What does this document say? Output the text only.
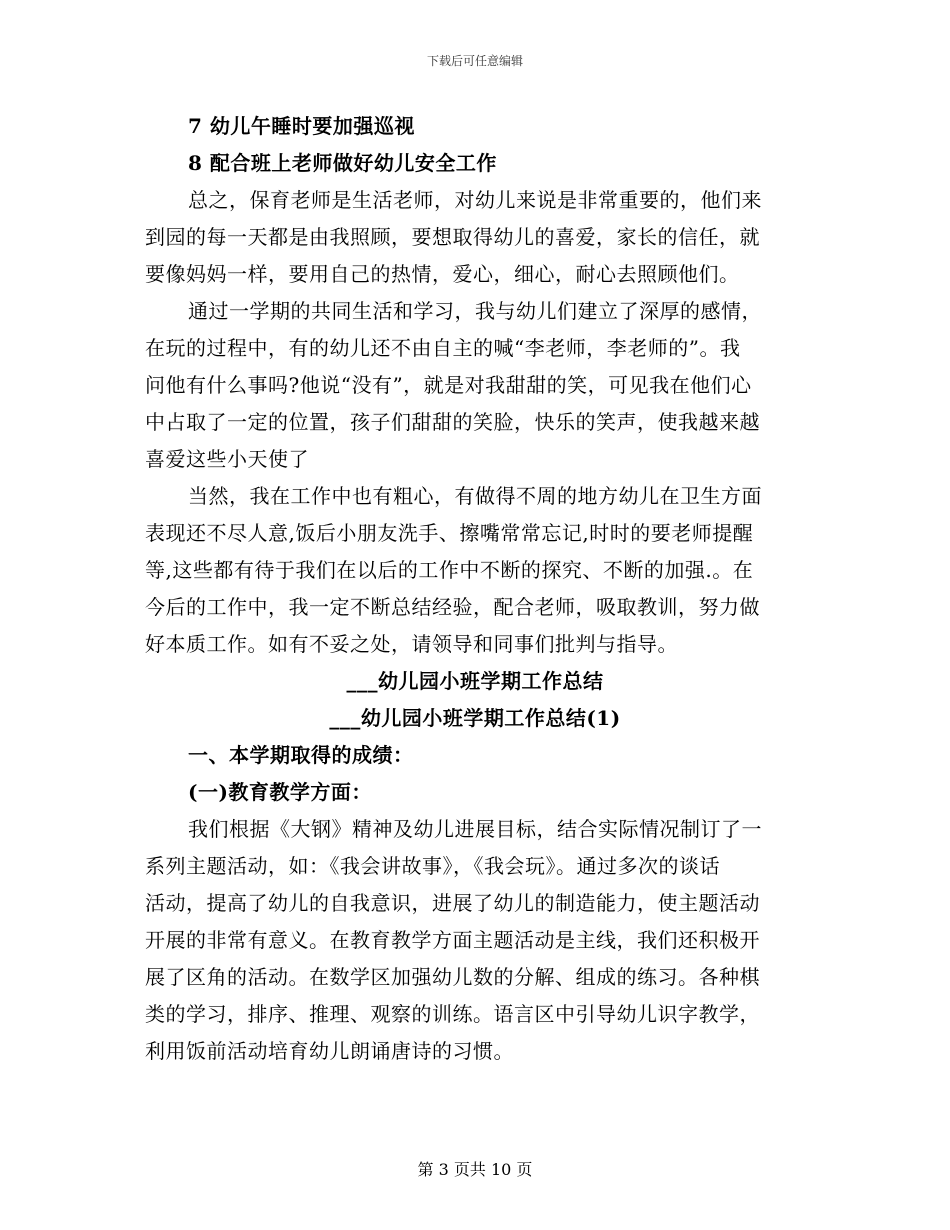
下载后可任意编辑
7 幼儿午睡时要加强巡视
8 配合班上老师做好幼儿安全工作
总之，保育老师是生活老师，对幼儿来说是非常重要的，他们来
到园的每一天都是由我照顾，要想取得幼儿的喜爱，家长的信任，就
要像妈妈一样，要用自己的热情，爱心，细心，耐心去照顾他们。
通过一学期的共同生活和学习，我与幼儿们建立了深厚的感情，
在玩的过程中，有的幼儿还不由自主的喊“李老师，李老师的”。我
问他有什么事吗?他说“没有”，就是对我甜甜的笑，可见我在他们心
中占取了一定的位置，孩子们甜甜的笑脸，快乐的笑声，使我越来越
喜爱这些小天使了
当然，我在工作中也有粗心，有做得不周的地方幼儿在卫生方面
表现还不尽人意,饭后小朋友洗手、擦嘴常常忘记,时时的要老师提醒
等,这些都有待于我们在以后的工作中不断的探究、不断的加强.。在
今后的工作中，我一定不断总结经验，配合老师，吸取教训，努力做
好本质工作。如有不妥之处，请领导和同事们批判与指导。
___幼儿园小班学期工作总结
___幼儿园小班学期工作总结(1)
一、本学期取得的成绩：
(一)教育教学方面：
我们根据《大钢》精神及幼儿进展目标，结合实际情况制订了一
系列主题活动，如：《我会讲故事》，《我会玩》。通过多次的谈话
活动，提高了幼儿的自我意识，进展了幼儿的制造能力，使主题活动
开展的非常有意义。在教育教学方面主题活动是主线，我们还积极开
展了区角的活动。在数学区加强幼儿数的分解、组成的练习。各种棋
类的学习，排序、推理、观察的训练。语言区中引导幼儿识字教学，
利用饭前活动培育幼儿朗诵唐诗的习惯。
第 3 页共 10 页
